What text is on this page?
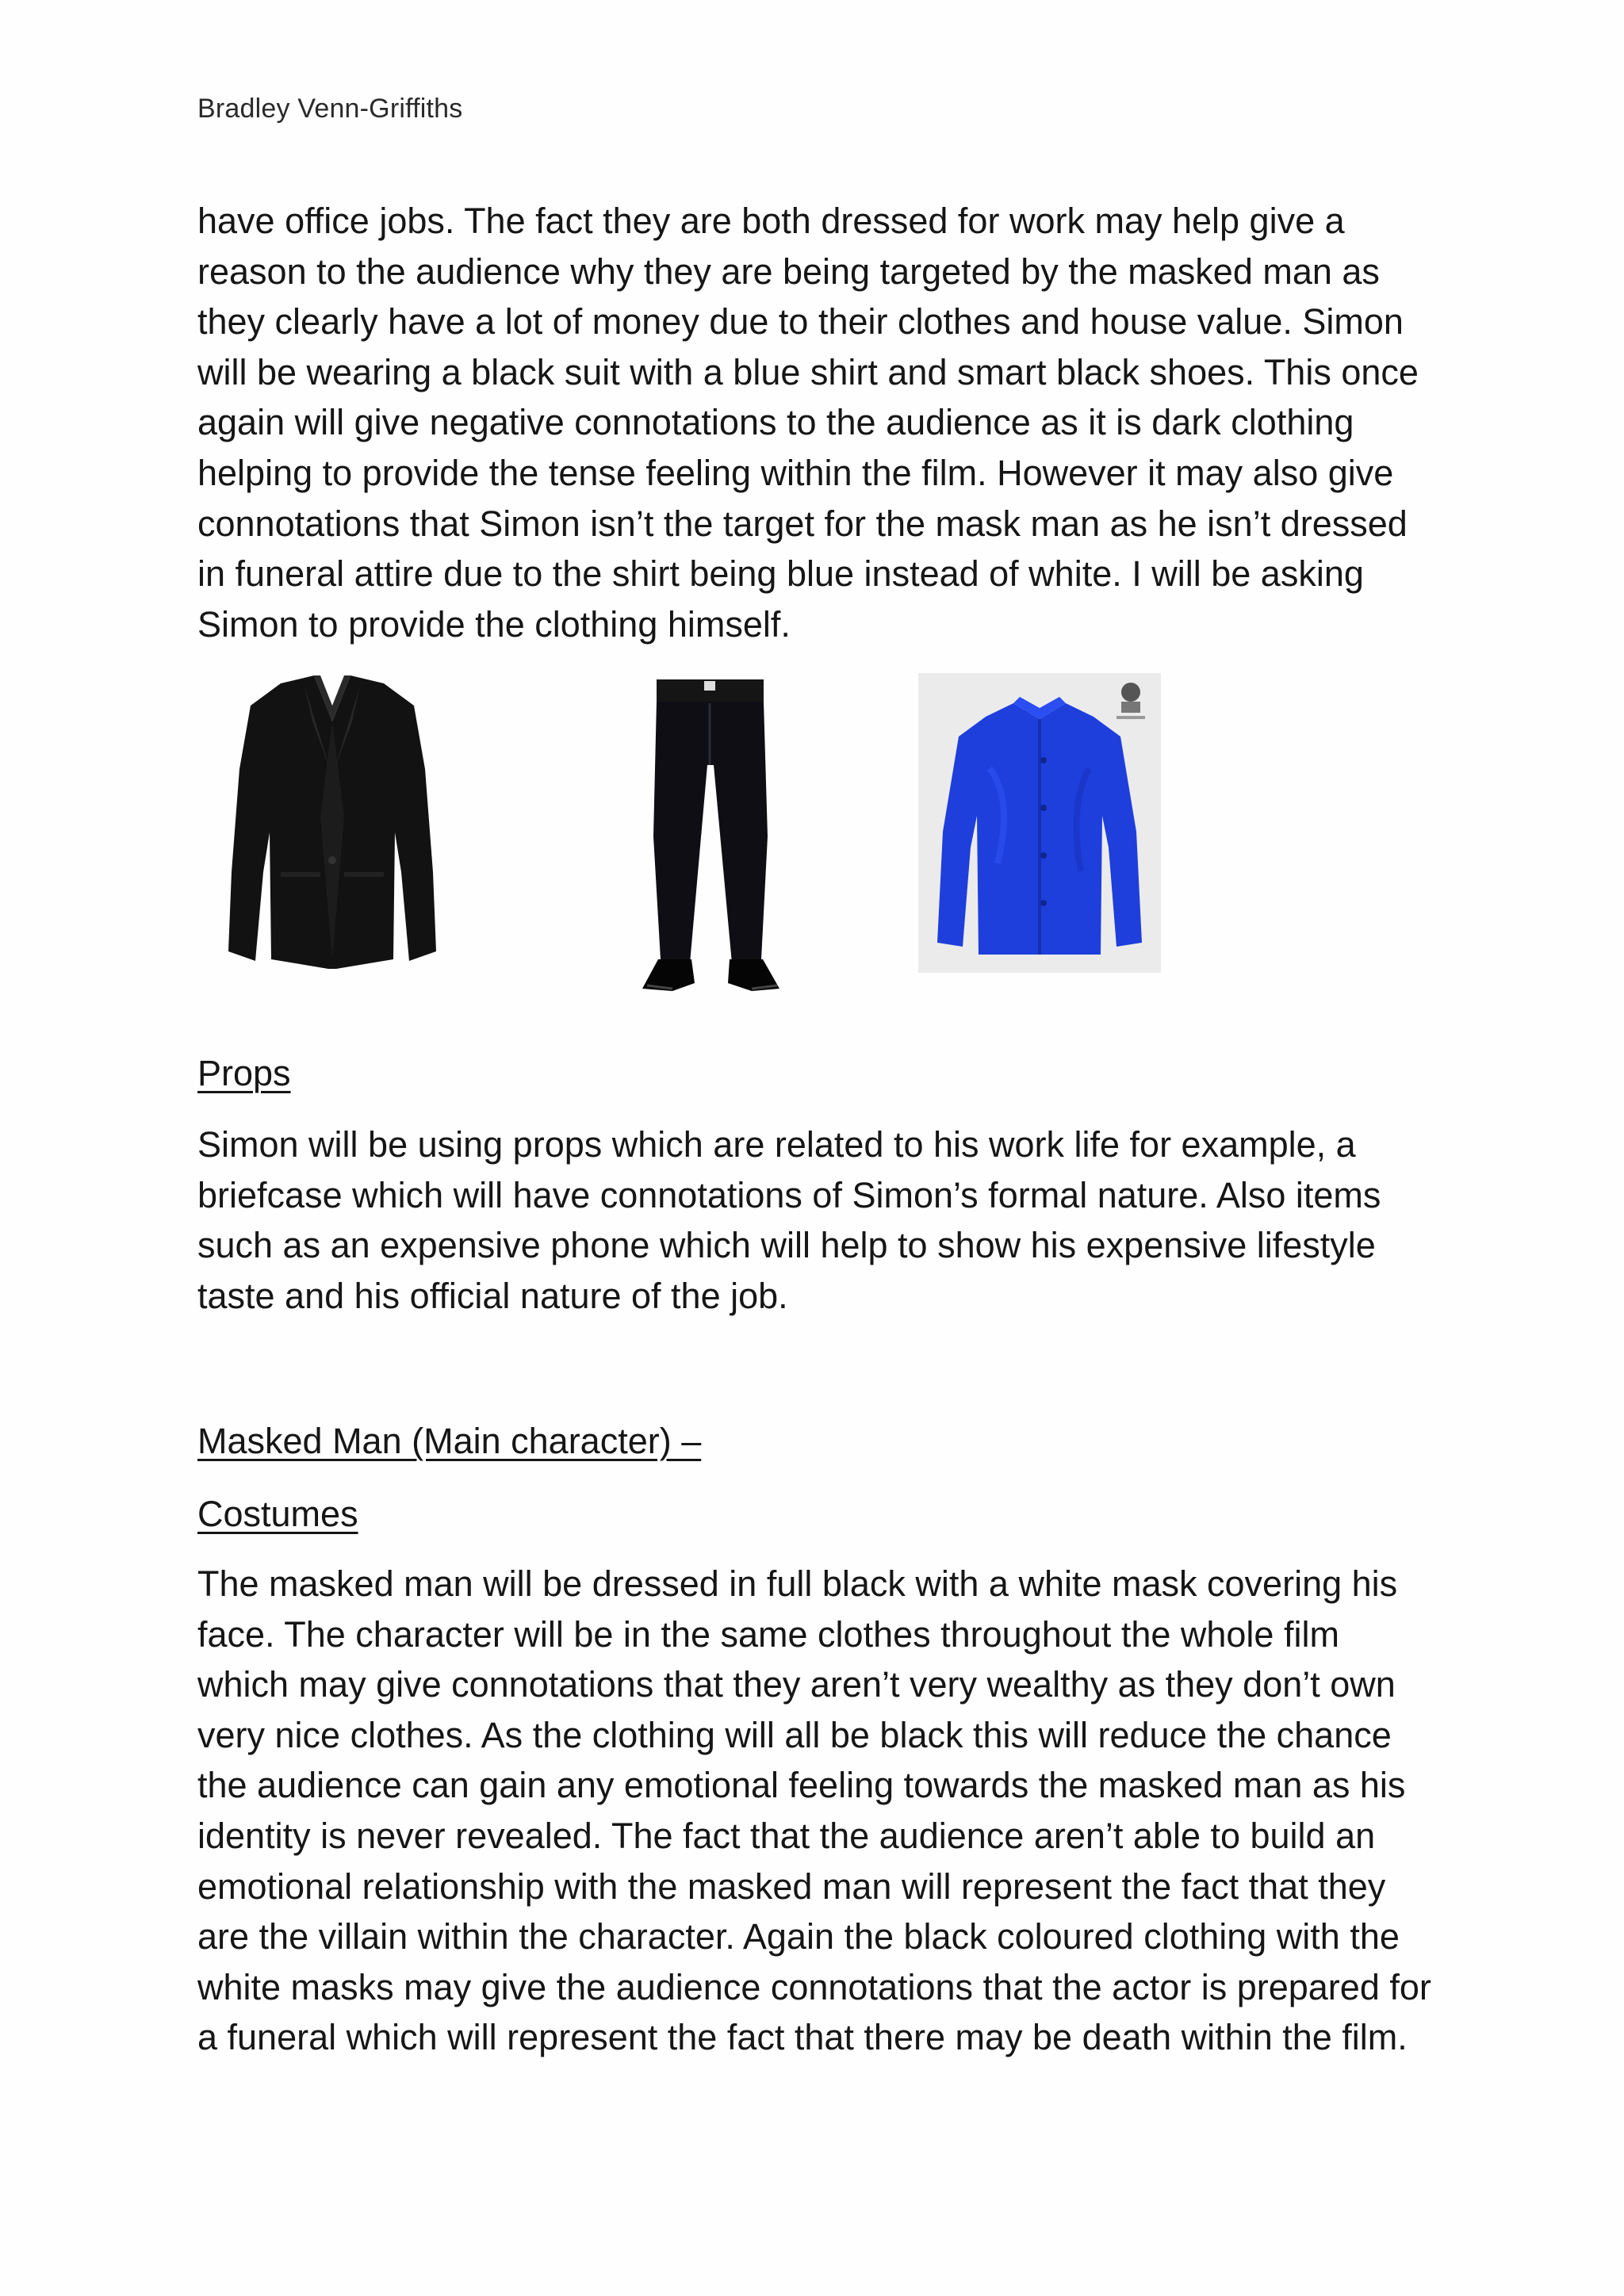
Bradley Venn-Griffiths
have office jobs. The fact they are both dressed for work may help give a
reason to the audience why they are being targeted by the masked man as
they clearly have a lot of money due to their clothes and house value. Simon
will be wearing a black suit with a blue shirt and smart black shoes. This once
again will give negative connotations to the audience as it is dark clothing
helping to provide the tense feeling within the film. However it may also give
connotations that Simon isn’t the target for the mask man as he isn’t dressed
in funeral attire due to the shirt being blue instead of white. I will be asking
Simon to provide the clothing himself.
Props
Simon will be using props which are related to his work life for example, a
briefcase which will have connotations of Simon’s formal nature. Also items
such as an expensive phone which will help to show his expensive lifestyle
taste and his official nature of the job.
Masked Man (Main character) –
Costumes
The masked man will be dressed in full black with a white mask covering his
face. The character will be in the same clothes throughout the whole film
which may give connotations that they aren’t very wealthy as they don’t own
very nice clothes. As the clothing will all be black this will reduce the chance
the audience can gain any emotional feeling towards the masked man as his
identity is never revealed. The fact that the audience aren’t able to build an
emotional relationship with the masked man will represent the fact that they
are the villain within the character. Again the black coloured clothing with the
white masks may give the audience connotations that the actor is prepared for
a funeral which will represent the fact that there may be death within the film.
